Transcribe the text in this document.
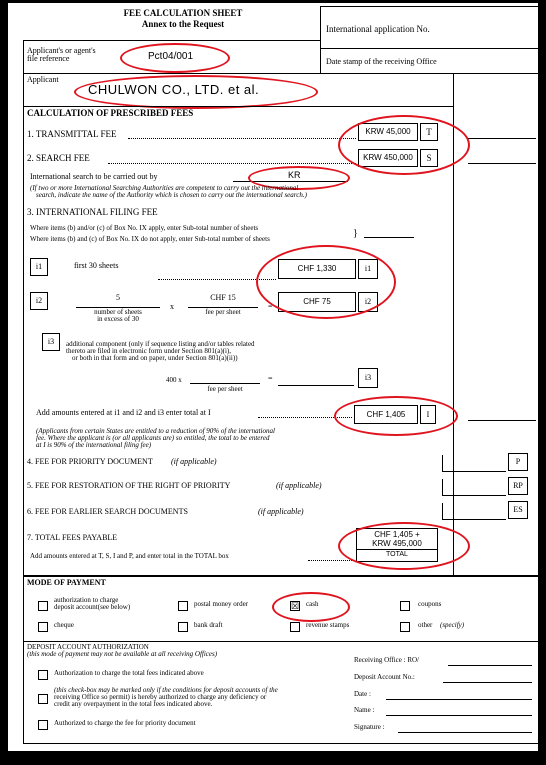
FEE CALCULATION SHEET
Annex to the Request	International application No.
Date stamp of the receiving Office
Applicant's or agent's
file reference	Pct04/001
Applicant
CHULWON CO., LTD. et al.
CALCULATION OF PRESCRIBED FEES
1. TRANSMITTAL FEE	KRW 45,000	T
2. SEARCH FEE	KRW 450,000	S
International search to be carried out by	KR
(If two or more International Searching Authorities are competent to carry out the international
search, indicate the name of the Authority which is chosen to carry out the international search.)
3. INTERNATIONAL FILING FEE
Where items (b) and/or (c) of Box No. IX apply, enter Sub-total number of sheets
Where items (b) and (c) of Box No. IX do not apply, enter Sub-total number of sheets	}
i1	first 30 sheets	CHF 1,330	i1
i2	5
number of sheets
in excess of 30
x
CHF 15
fee per sheet
=
CHF 75	i2
i3	additional component (only if sequence listing and/or tables related
thereto are filed in electronic form under Section 801(a)(i),
or both in that form and on paper, under Section 801(a)(ii))
400 x
fee per sheet
=	i3
Add amounts entered at i1 and i2 and i3 enter total at I	CHF 1,405	I
(Applicants from certain States are entitled to a reduction of 90% of the international
fee. Where the applicant is (or all applicants are) so entitled, the total to be entered
at I is 90% of the international filing fee)
4. FEE FOR PRIORITY DOCUMENT (if applicable)	P
5. FEE FOR RESTORATION OF THE RIGHT OF PRIORITY	(if applicable)	RP
6. FEE FOR EARLIER SEARCH DOCUMENTS	(if applicable)	ES
7. TOTAL FEES PAYABLE
Add amounts entered at T, S, I and P, and enter total in the TOTAL box
CHF 1,405 +
KRW 495,000
TOTAL
MODE OF PAYMENT
authorization to charge
deposit account(see below)	postal money order	☒ cash	coupons
cheque	bank draft	revenue stamps	other (specify)
DEPOSIT ACCOUNT AUTHORIZATION
(this mode of payment may not be available at all receiving Offices)
Authorization to charge the total fees indicated above
(this check-box may be marked only if the conditions for deposit accounts of the
receiving Office so permit) is hereby authorized to charge any deficiency or
credit any overpayment in the total fees indicated above.
Authorized to charge the fee for priority document
Receiving Office : RO/
Deposit Account No.:
Date :
Name :
Signature :
